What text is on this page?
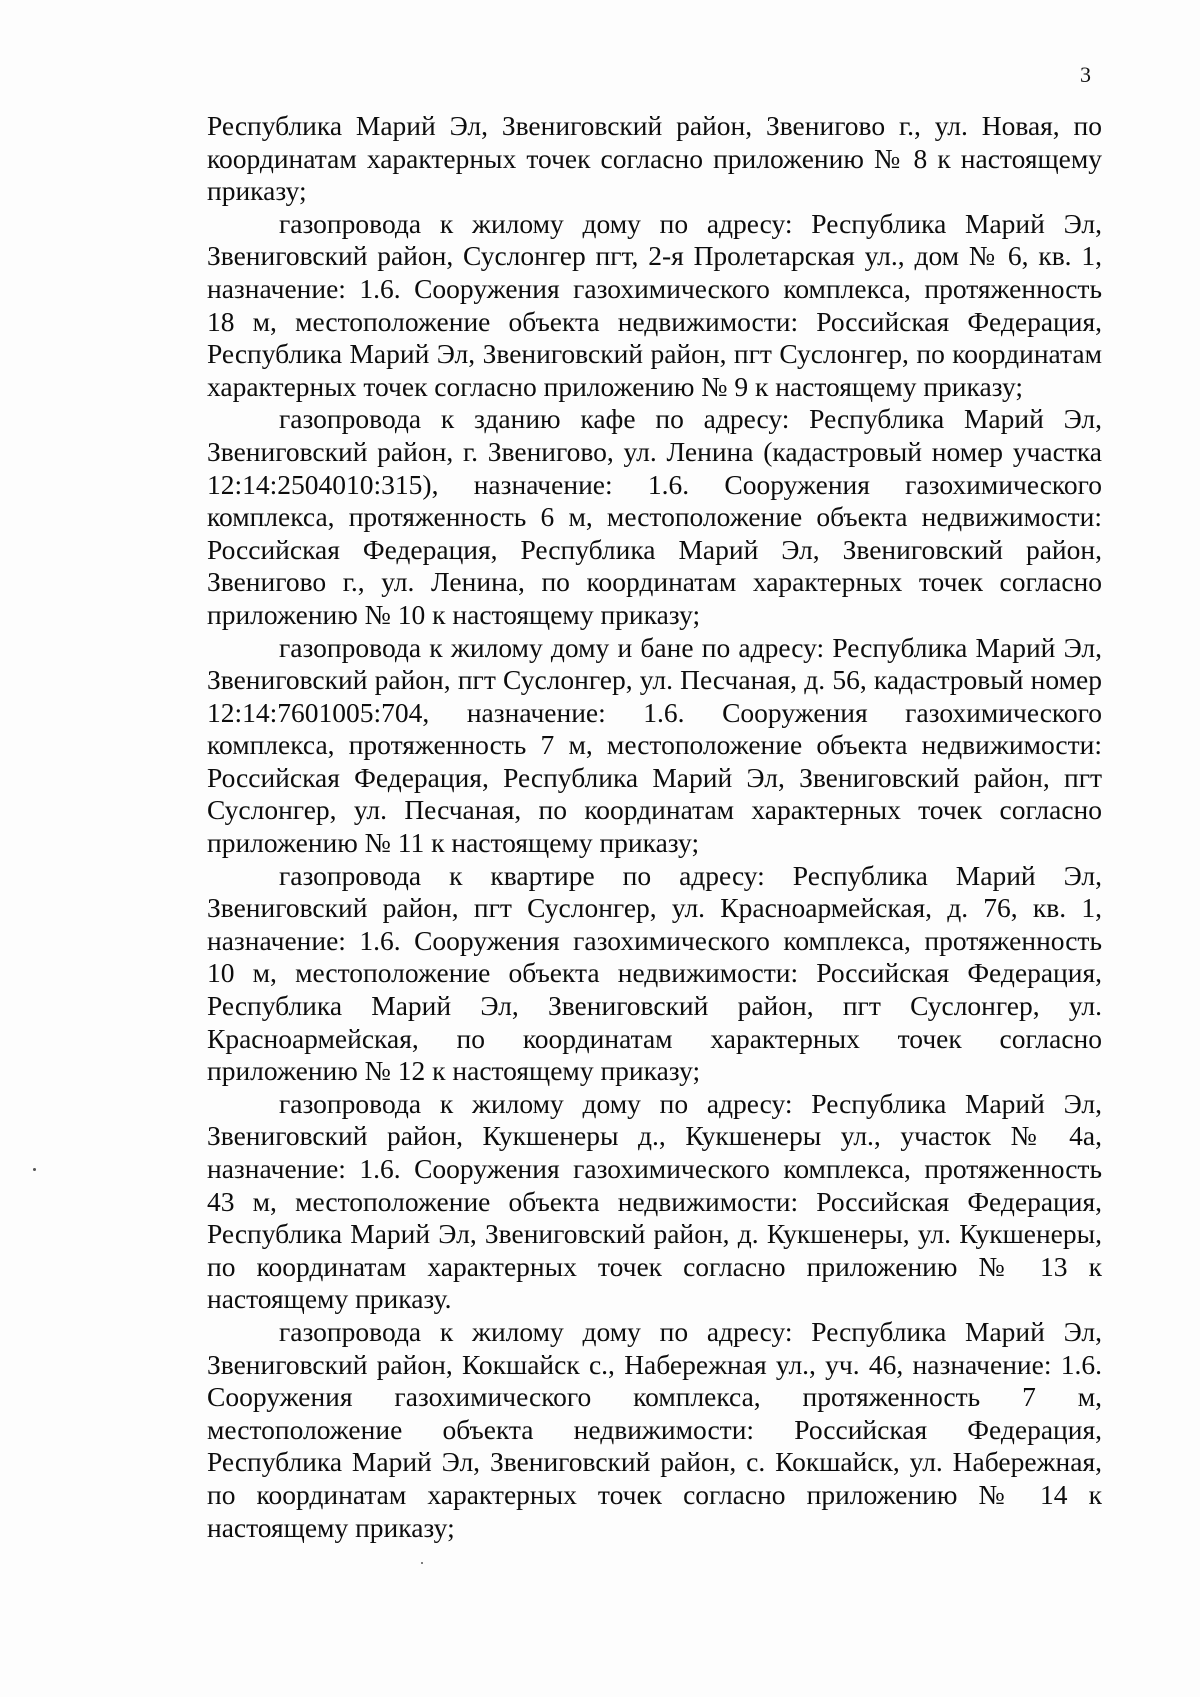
3

Республика Марий Эл, Звениговский район, Звенигово г., ул. Новая, по координатам характерных точек согласно приложению № 8 к настоящему приказу;

газопровода к жилому дому по адресу: Республика Марий Эл, Звениговский район, Суслонгер пгт, 2-я Пролетарская ул., дом № 6, кв. 1, назначение: 1.6. Сооружения газохимического комплекса, протяженность 18 м, местоположение объекта недвижимости: Российская Федерация, Республика Марий Эл, Звениговский район, пгт Суслонгер, по координатам характерных точек согласно приложению № 9 к настоящему приказу;

газопровода к зданию кафе по адресу: Республика Марий Эл, Звениговский район, г. Звенигово, ул. Ленина (кадастровый номер участка 12:14:2504010:315), назначение: 1.6. Сооружения газохимического комплекса, протяженность 6 м, местоположение объекта недвижимости: Российская Федерация, Республика Марий Эл, Звениговский район, Звенигово г., ул. Ленина, по координатам характерных точек согласно приложению № 10 к настоящему приказу;

газопровода к жилому дому и бане по адресу: Республика Марий Эл, Звениговский район, пгт Суслонгер, ул. Песчаная, д. 56, кадастровый номер 12:14:7601005:704, назначение: 1.6. Сооружения газохимического комплекса, протяженность 7 м, местоположение объекта недвижимости: Российская Федерация, Республика Марий Эл, Звениговский район, пгт Суслонгер, ул. Песчаная, по координатам характерных точек согласно приложению № 11 к настоящему приказу;

газопровода к квартире по адресу: Республика Марий Эл, Звениговский район, пгт Суслонгер, ул. Красноармейская, д. 76, кв. 1, назначение: 1.6. Сооружения газохимического комплекса, протяженность 10 м, местоположение объекта недвижимости: Российская Федерация, Республика Марий Эл, Звениговский район, пгт Суслонгер, ул. Красноармейская, по координатам характерных точек согласно приложению № 12 к настоящему приказу;

газопровода к жилому дому по адресу: Республика Марий Эл, Звениговский район, Кукшенеры д., Кукшенеры ул., участок № 4а, назначение: 1.6. Сооружения газохимического комплекса, протяженность 43 м, местоположение объекта недвижимости: Российская Федерация, Республика Марий Эл, Звениговский район, д. Кукшенеры, ул. Кукшенеры, по координатам характерных точек согласно приложению № 13 к настоящему приказу.

газопровода к жилому дому по адресу: Республика Марий Эл, Звениговский район, Кокшайск с., Набережная ул., уч. 46, назначение: 1.6. Сооружения газохимического комплекса, протяженность 7 м, местоположение объекта недвижимости: Российская Федерация, Республика Марий Эл, Звениговский район, с. Кокшайск, ул. Набережная, по координатам характерных точек согласно приложению № 14 к настоящему приказу;
